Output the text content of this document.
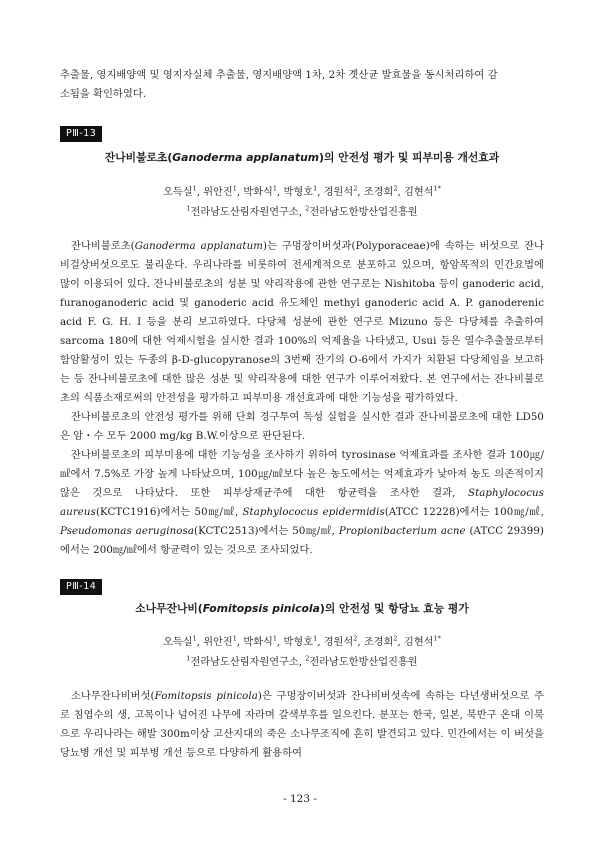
추출물, 영지배양액 및 영지자실체 추출물, 영지배양액 1차, 2차 곗산균 발효물을 동시처리하여 감
소됨을 확인하였다.

PⅢ-13
잔나비불로초(Ganoderma applanatum)의 안전성 평가 및 피부미용 개선효과
오득실$^1$, 위안진$^1$, 박화식$^1$, 박형호$^1$, 경원석$^2$, 조경희$^2$, 김현석$^{1*}$
$^1$전라남도산림자원연구소, $^2$전라남도한방산업진흥원

잔나비불로초(Ganoderma applanatum)는 구멍장이버섯과(Polyporaceae)에 속하는 버섯으로 잔나비걸상버섯으로도 불리운다. 우리나라를 비롯하여 전세계적으로 분포하고 있으며, 항암목적의 민간요법에 많이 이용되어 있다. 잔나비불로초의 성분 및 약리작용에 관한 연구로는 Nishitoba 등이 ganoderic acid, furanoganoderic acid 및 ganoderic acid 유도체인 methyl ganoderic acid A. P. ganoderenic acid F. G. H. I 등을 분리 보고하였다. 다당체 성분에 관한 연구로 Mizuno 등은 다당체를 추출하여 sarcoma 180에 대한 억제시험을 실시한 결과 100%의 억제율을 나타냈고, Usui 등은 열수추출물로부터 함암활성이 있는 두종의 β-D-glucopyranose의 3번째 잔기의 O-6에서 가지가 치환된 다당체임을 보고하는 등 잔나비불로초에 대한 많은 성분 및 약리작용에 대한 연구가 이루어져왔다. 본 연구에서는 잔나비불로초의 식품소재로써의 안전성을 평가하고 피부미용 개선효과에 대한 기능성을 평가하였다.

잔나비불로초의 안전성 평가를 위해 단회 경구투여 독성 실험을 실시한 결과 잔나비불로초에 대한 LD50은 암・수 모두 2000 mg/kg B.W.이상으로 판단된다.

잔나비불로초의 피부미용에 대한 기능성을 조사하기 위하여 tyrosinase 억제효과를 조사한 결과 100㎍/㎖에서 7.5%로 가장 높게 나타났으며, 100㎍/㎖보다 높은 농도에서는 억제효과가 낮아져 농도 의존적이지 않은 것으로 나타났다. 또한 피부상재균주에 대한 항균력을 조사한 결과, Staphylococus aureus(KCTC1916)에서는 50㎎/㎖, Staphylococus epidermidis(ATCC 12228)에서는 100㎎/㎖, Pseudomonas aeruginosa(KCTC2513)에서는 50㎎/㎖, Propionibacterium acne (ATCC 29399)에서는 200㎎/㎖에서 항균력이 있는 것으로 조사되었다.

PⅢ-14
소나무잔나비(Fomitopsis pinicola)의 안전성 및 항당뇨 효능 평가
오득실$^1$, 위안진$^1$, 박화식$^1$, 박형호$^1$, 경원석$^2$, 조경희$^2$, 김현석$^{1*}$
$^1$전라남도산림자원연구소, $^2$전라남도한방산업진흥원

소나무잔나비버섯(Fomitopsis pinicola)은 구멍장이버섯과 잔나비버섯속에 속하는 다년생버섯으로 주로 침엽수의 생, 고목이나 넘어진 나무에 자라며 갈색부후를 일으킨다. 분포는 한국, 일본, 북반구 온대 이북으로 우리나라는 해발 300m이상 고산지대의 죽은 소나무조직에 흔히 발견되고 있다. 민간에서는 이 버섯을 당뇨병 개선 및 피부병 개선 등으로 다양하게 활용하여

- 123 -
